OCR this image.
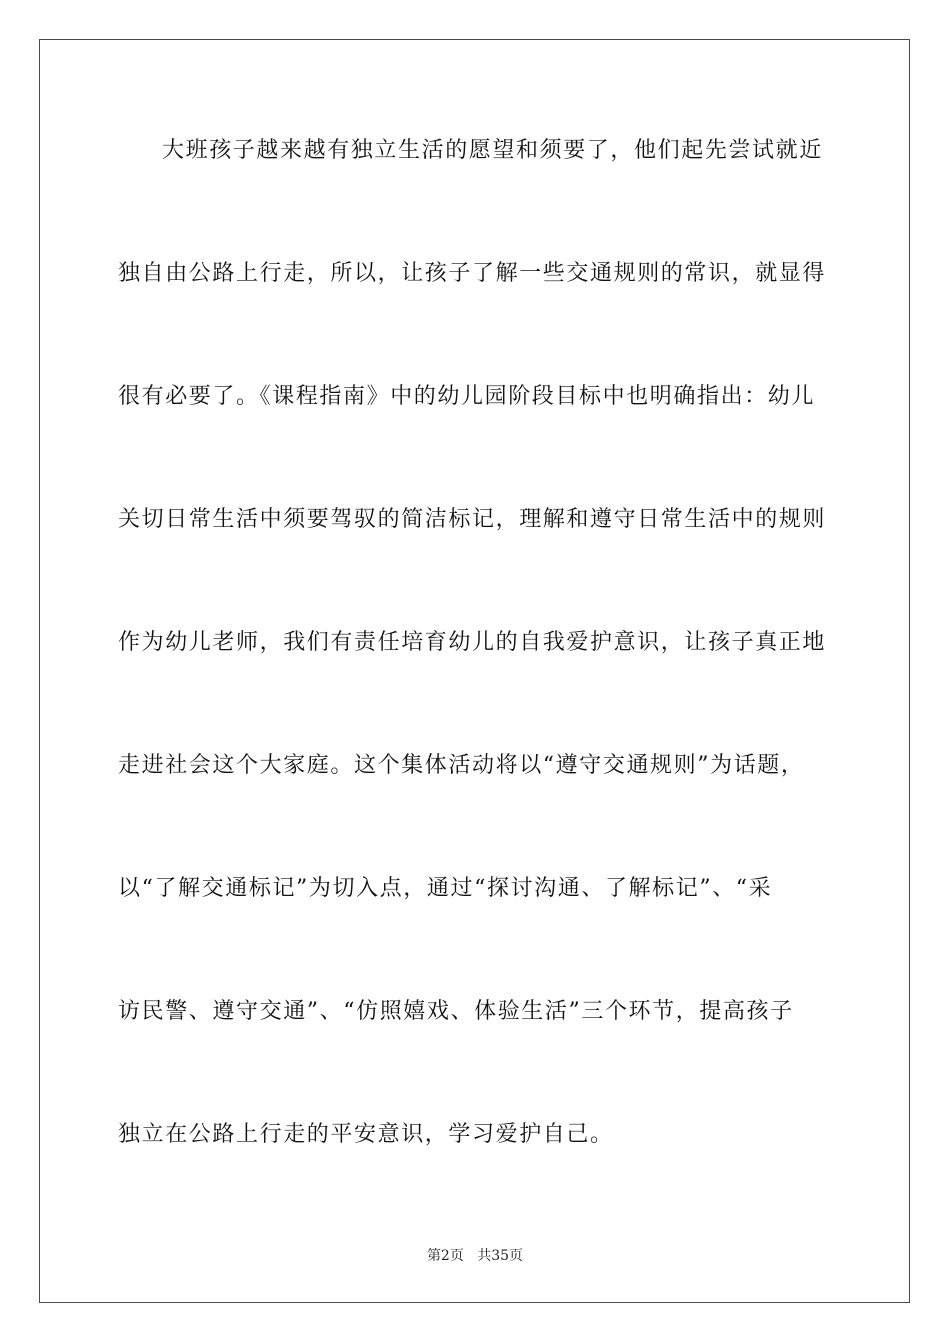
大班孩子越来越有独立生活的愿望和须要了，他们起先尝试就近
独自由公路上行走，所以，让孩子了解一些交通规则的常识，就显得
很有必要了。《课程指南》中的幼儿园阶段目标中也明确指出：幼儿
关切日常生活中须要驾驭的简洁标记，理解和遵守日常生活中的规则
作为幼儿老师，我们有责任培育幼儿的自我爱护意识，让孩子真正地
走进社会这个大家庭。这个集体活动将以“遵守交通规则”为话题，
以“了解交通标记”为切入点，通过“探讨沟通、了解标记”、“采
访民警、遵守交通”、“仿照嬉戏、体验生活”三个环节，提高孩子
独立在公路上行走的平安意识，学习爱护自己。
第2页 共35页
